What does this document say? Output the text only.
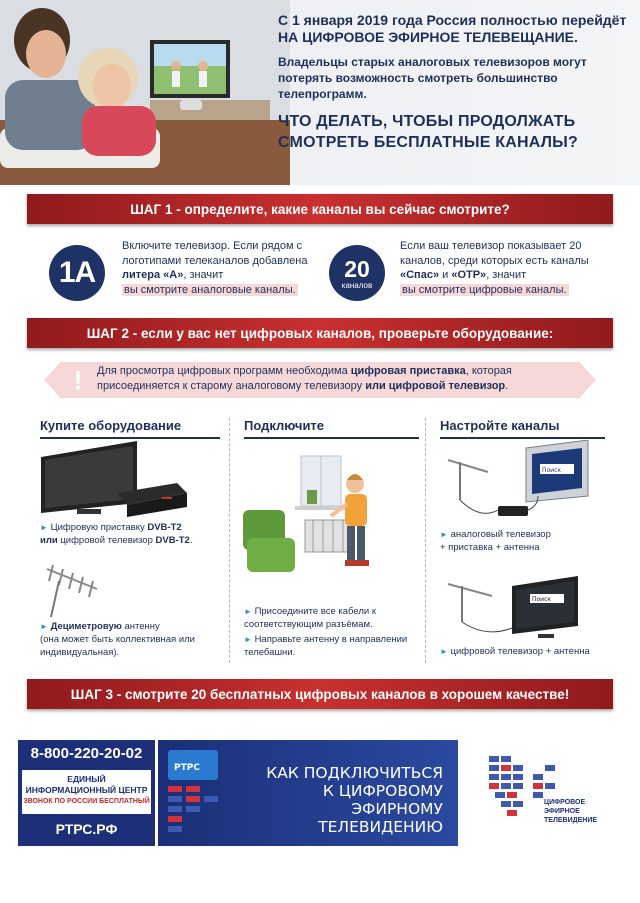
С 1 января 2019 года Россия полностью перейдёт НА ЦИФРОВОЕ ЭФИРНОЕ ТЕЛЕВЕЩАНИЕ.
Владельцы старых аналоговых телевизоров могут потерять возможность смотреть большинство телепрограмм.
ЧТО ДЕЛАТЬ, ЧТОБЫ ПРОДОЛЖАТЬ СМОТРЕТЬ БЕСПЛАТНЫЕ КАНАЛЫ?
ШАГ 1 - определите, какие каналы вы сейчас смотрите?
1А
Включите телевизор. Если рядом с логотипами телеканалов добавлена литера «А», значит
вы смотрите аналоговые каналы.
20
каналов
Если ваш телевизор показывает 20 каналов, среди которых есть каналы «Спас» и «ОТР», значит
вы смотрите цифровые каналы.
ШАГ 2 - если у вас нет цифровых каналов, проверьте оборудование:
!	Для просмотра цифровых программ необходима цифровая приставка, которая присоединяется к старому аналоговому телевизору или цифровой телевизор.
Купите оборудование
► Цифровую приставку DVB-T2
или цифровой телевизор DVB-T2.
► Дециметровую антенну
(она может быть коллективная или индивидуальная).
Подключите
► Присоедините все кабели к соответствующим разъёмам.
► Направьте антенну в направлении телебашни.
Настройте каналы
Поиск
► аналоговый телевизор
+ приставка + антенна
Поиск
► цифровой телевизор + антенна
ШАГ 3 - смотрите 20 бесплатных цифровых каналов в хорошем качестве!
8-800-220-20-02
ЕДИНЫЙ
ИНФОРМАЦИОННЫЙ ЦЕНТР
ЗВОНОК ПО РОССИИ БЕСПЛАТНЫЙ
РТРС.РФ
РТРС	КАК ПОДКЛЮЧИТЬСЯ
К ЦИФРОВОМУ ЭФИРНОМУ
ТЕЛЕВИДЕНИЮ
ЦИФРОВОЕ
ЭФИРНОЕ
ТЕЛЕВИДЕНИЕ
